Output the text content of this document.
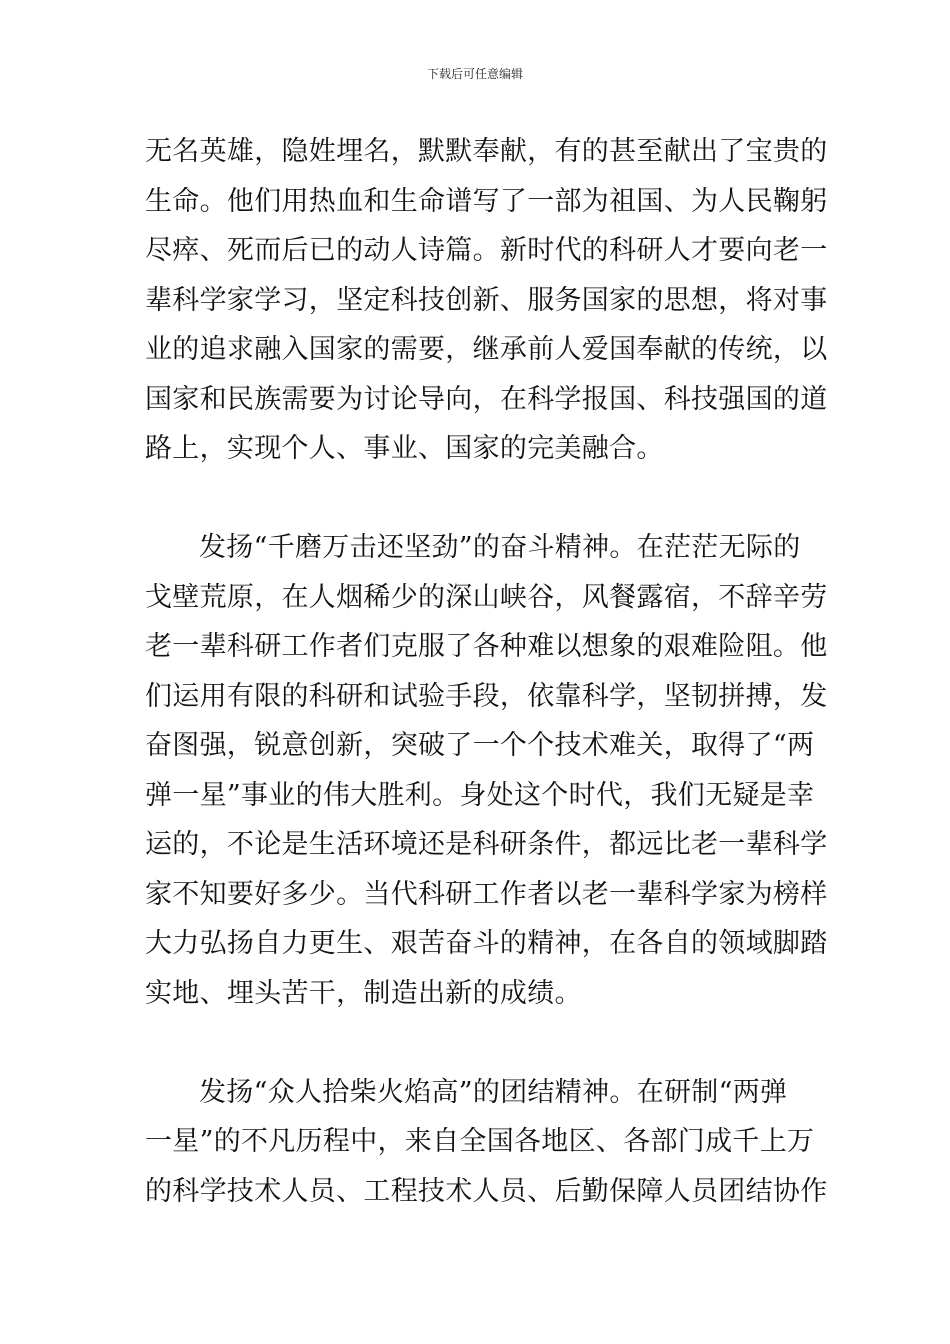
下载后可任意编辑
无名英雄，隐姓埋名，默默奉献，有的甚至献出了宝贵的
生命。他们用热血和生命谱写了一部为祖国、为人民鞠躬
尽瘁、死而后已的动人诗篇。新时代的科研人才要向老一
辈科学家学习，坚定科技创新、服务国家的思想，将对事
业的追求融入国家的需要，继承前人爱国奉献的传统，以
国家和民族需要为讨论导向，在科学报国、科技强国的道
路上，实现个人、事业、国家的完美融合。
发扬“千磨万击还坚劲”的奋斗精神。在茫茫无际的
戈壁荒原，在人烟稀少的深山峡谷，风餐露宿，不辞辛劳
老一辈科研工作者们克服了各种难以想象的艰难险阻。他
们运用有限的科研和试验手段，依靠科学，坚韧拼搏，发
奋图强，锐意创新，突破了一个个技术难关，取得了“两
弹一星”事业的伟大胜利。身处这个时代，我们无疑是幸
运的，不论是生活环境还是科研条件，都远比老一辈科学
家不知要好多少。当代科研工作者以老一辈科学家为榜样
大力弘扬自力更生、艰苦奋斗的精神，在各自的领域脚踏
实地、埋头苦干，制造出新的成绩。
发扬“众人拾柴火焰高”的团结精神。在研制“两弹
一星”的不凡历程中，来自全国各地区、各部门成千上万
的科学技术人员、工程技术人员、后勤保障人员团结协作
